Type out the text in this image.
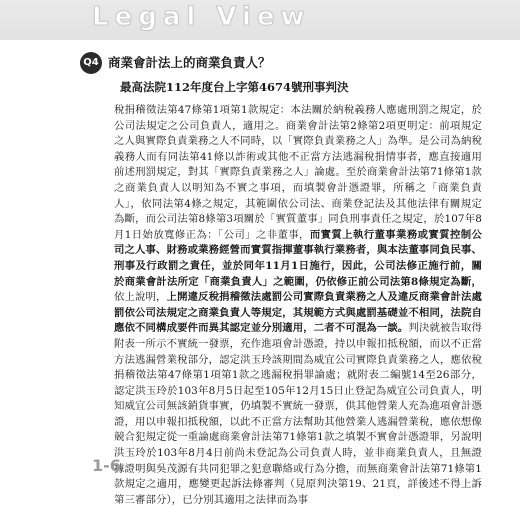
Legal View
Q4 商業會計法上的商業負責人？
最高法院112年度台上字第4674號刑事判決
稅捐稽徵法第47條第1項第1款規定：本法關於納稅義務人應處刑罰之規定，於公司法規定之公司負責人，適用之。商業會計法第2條第2項更明定：前項規定之人與實際負責業務之人不同時，以「實際負責業務之人」為準。是公司為納稅義務人而有同法第41條以詐術或其他不正當方法逃漏稅捐情事者，應直接適用前述刑罰規定，對其「實際負責業務之人」論處。至於商業會計法第71條第1款之商業負責人以明知為不實之事項，而填製會計憑證罪，所稱之「商業負責人」，依同法第4條之規定，其範圍依公司法、商業登記法及其他法律有關規定為斷，而公司法第8條第3項關於「實質董事」同負刑事責任之規定，於107年8月1日始放寬修正為：「公司」之非董事，而實質上執行董事業務或實質控制公司之人事、財務或業務經營而實質指揮董事執行業務者，與本法董事同負民事、刑事及行政罰之責任，並於同年11月1日施行，因此，公司法修正施行前，關於商業會計法所定「商業負責人」之範圍，仍依修正前公司法第8條規定為斷，依上說明，上開違反稅捐稽徵法處罰公司實際負責業務之人及違反商業會計法處罰依公司法規定之商業負責人等規定，其規範方式與處罰基礎並不相同，法院自應依不同構成要件而異其認定並分別適用，二者不可混為一談。判決就被告取得附表一所示不實統一發票，充作進項會計憑證，持以申報扣抵稅額，而以不正當方法逃漏營業稅部分，認定洪玉玲該期間為威宜公司實際負責業務之人，應依稅捐稽徵法第47條第1項第1款之逃漏稅捐罪論處；就附表二編號14至26部分，認定洪玉玲於103年8月5日起至105年12月15日止登記為威宜公司負責人，明知威宜公司無該銷貨事實，仍填製不實統一發票，供其他營業人充為進項會計憑證，用以申報扣抵稅額，以此不正當方法幫助其他營業人逃漏營業稅，應依想像競合犯規定從一重論處商業會計法第71條第1款之填製不實會計憑證罪，另說明洪玉玲於103年8月4日前尚未登記為公司負責人時，並非商業負責人，且無證據證明與吳茂源有共同犯罪之犯意聯絡或行為分擔，而無商業會計法第71條第1款規定之適用，應變更起訴法條審判（見原判決第19、21頁，詳後述不得上訴第三審部分），已分別其適用之法律而為事
1-6
